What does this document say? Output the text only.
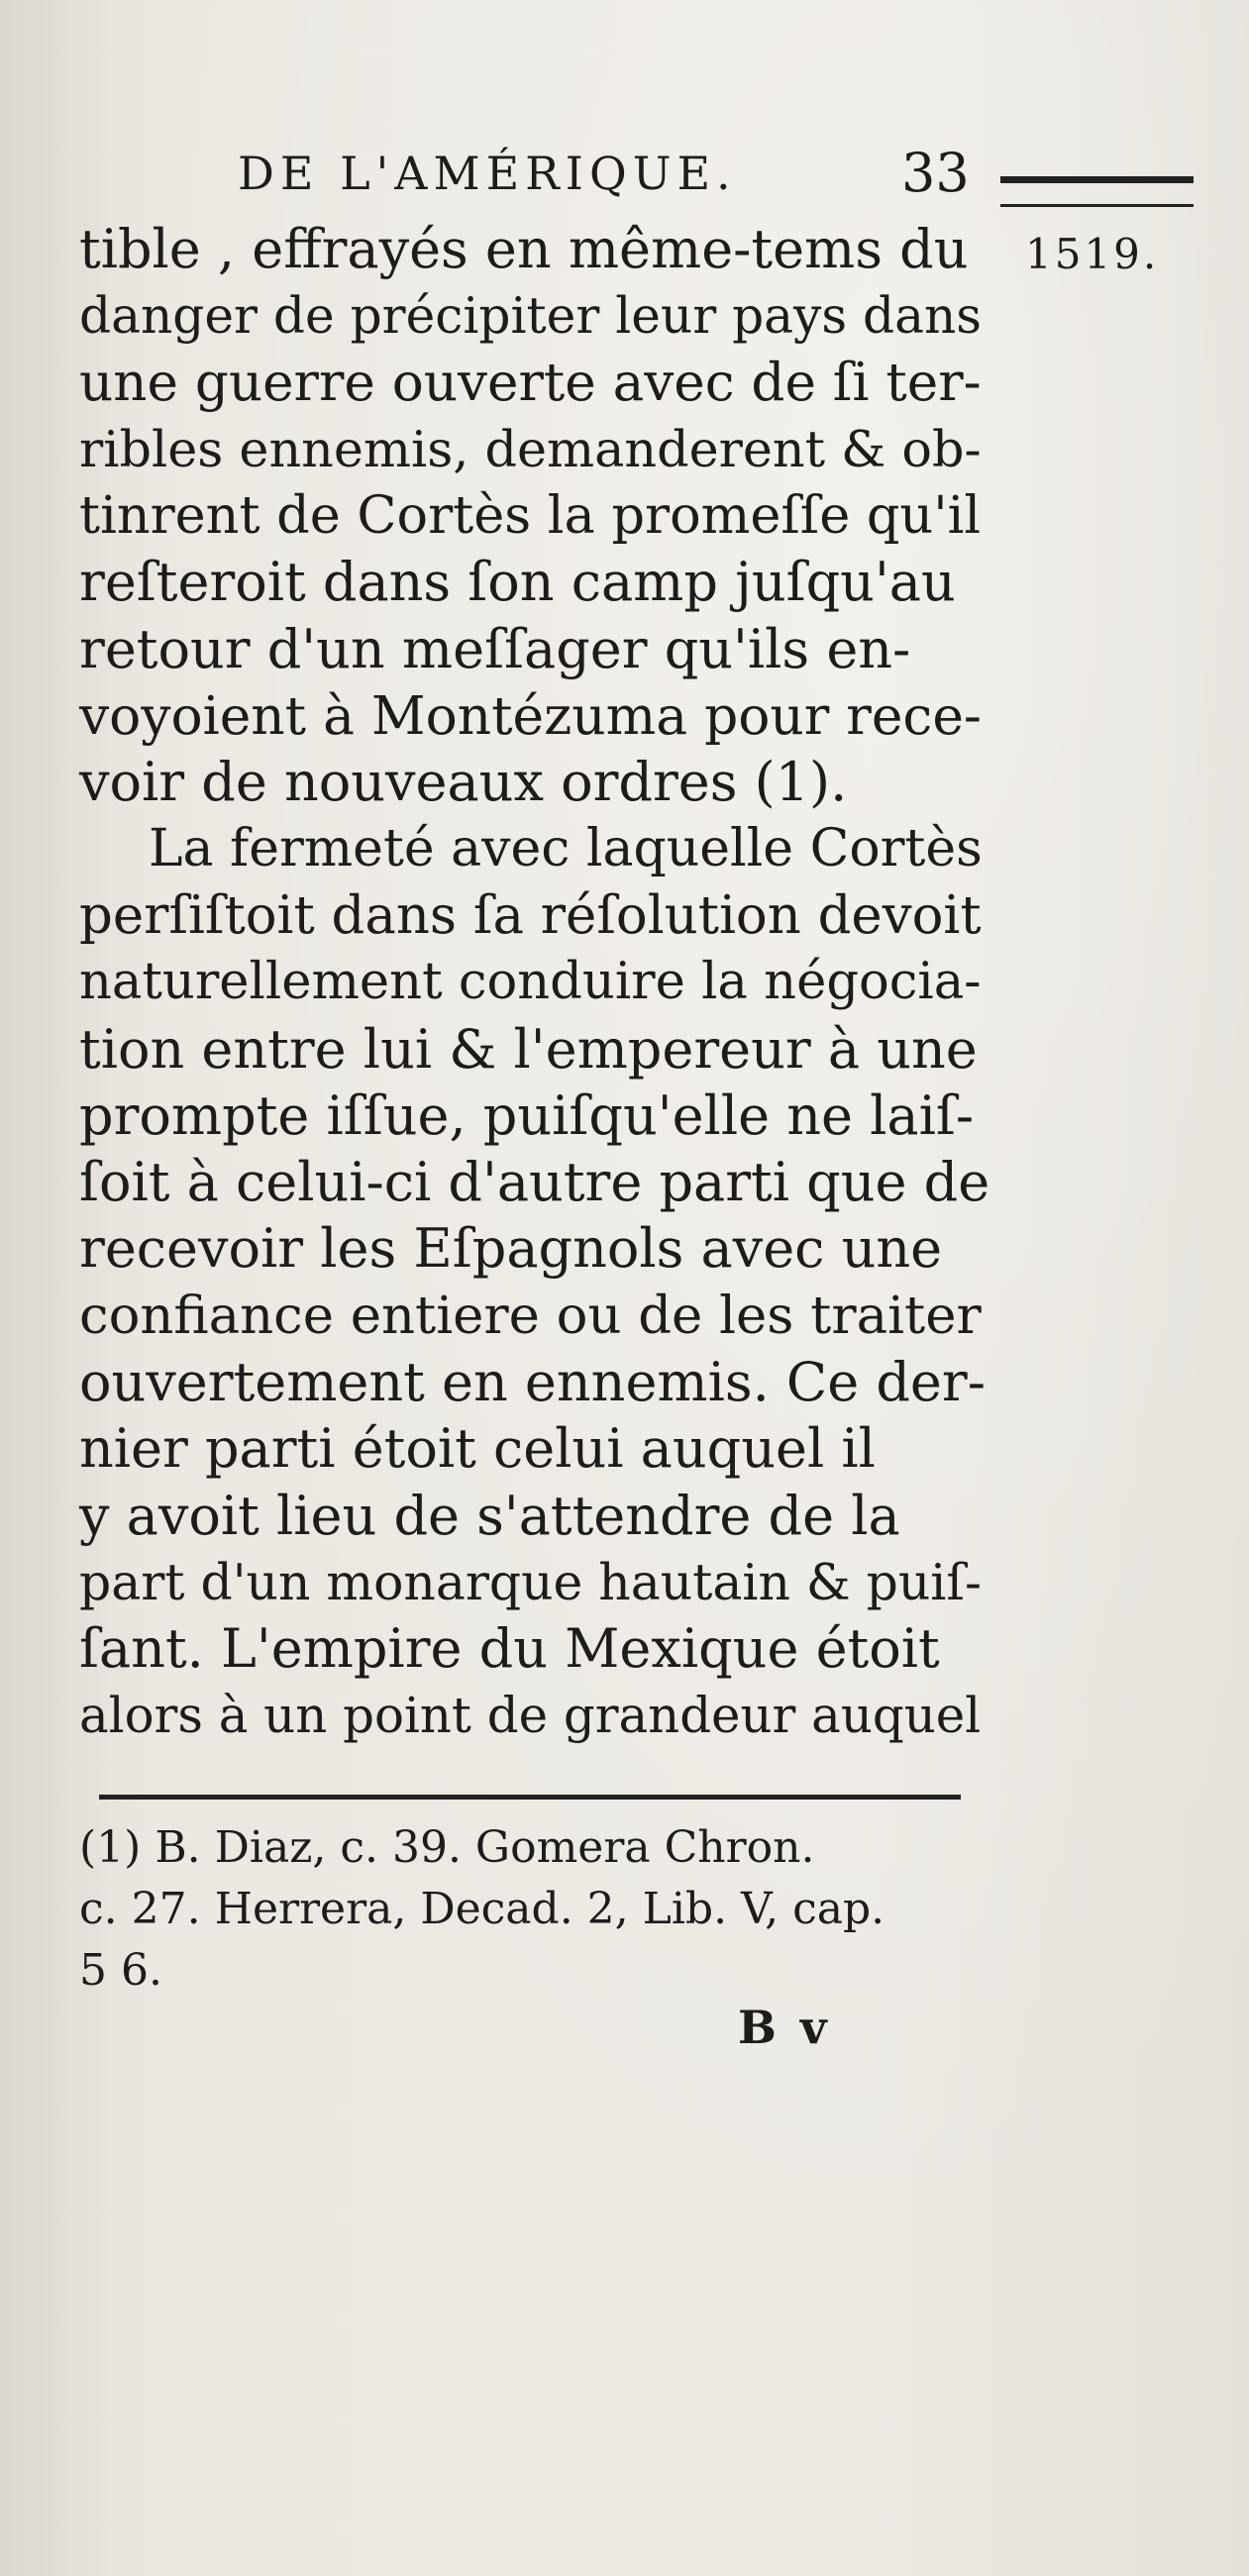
DE L'AMÉRIQUE.	33
1519.
tible , effrayés en même-tems du
danger de précipiter leur pays dans
une guerre ouverte avec de ſi ter-
ribles ennemis, demanderent & ob-
tinrent de Cortès la promeſſe qu'il
reſteroit dans ſon camp juſqu'au
retour d'un meſſager qu'ils en-
voyoient à Montézuma pour rece-
voir de nouveaux ordres (1).
La fermeté avec laquelle Cortès
perſiſtoit dans ſa réſolution devoit
naturellement conduire la négocia-
tion entre lui & l'empereur à une
prompte iſſue, puiſqu'elle ne laiſ-
ſoit à celui-ci d'autre parti que de
recevoir les Eſpagnols avec une
confiance entiere ou de les traiter
ouvertement en ennemis. Ce der-
nier parti étoit celui auquel il
y avoit lieu de s'attendre de la
part d'un monarque hautain & puiſ-
ſant. L'empire du Mexique étoit
alors à un point de grandeur auquel
(1) B. Diaz, c. 39. Gomera Chron.
c. 27. Herrera, Decad. 2, Lib. V, cap.
5 6.
B v
